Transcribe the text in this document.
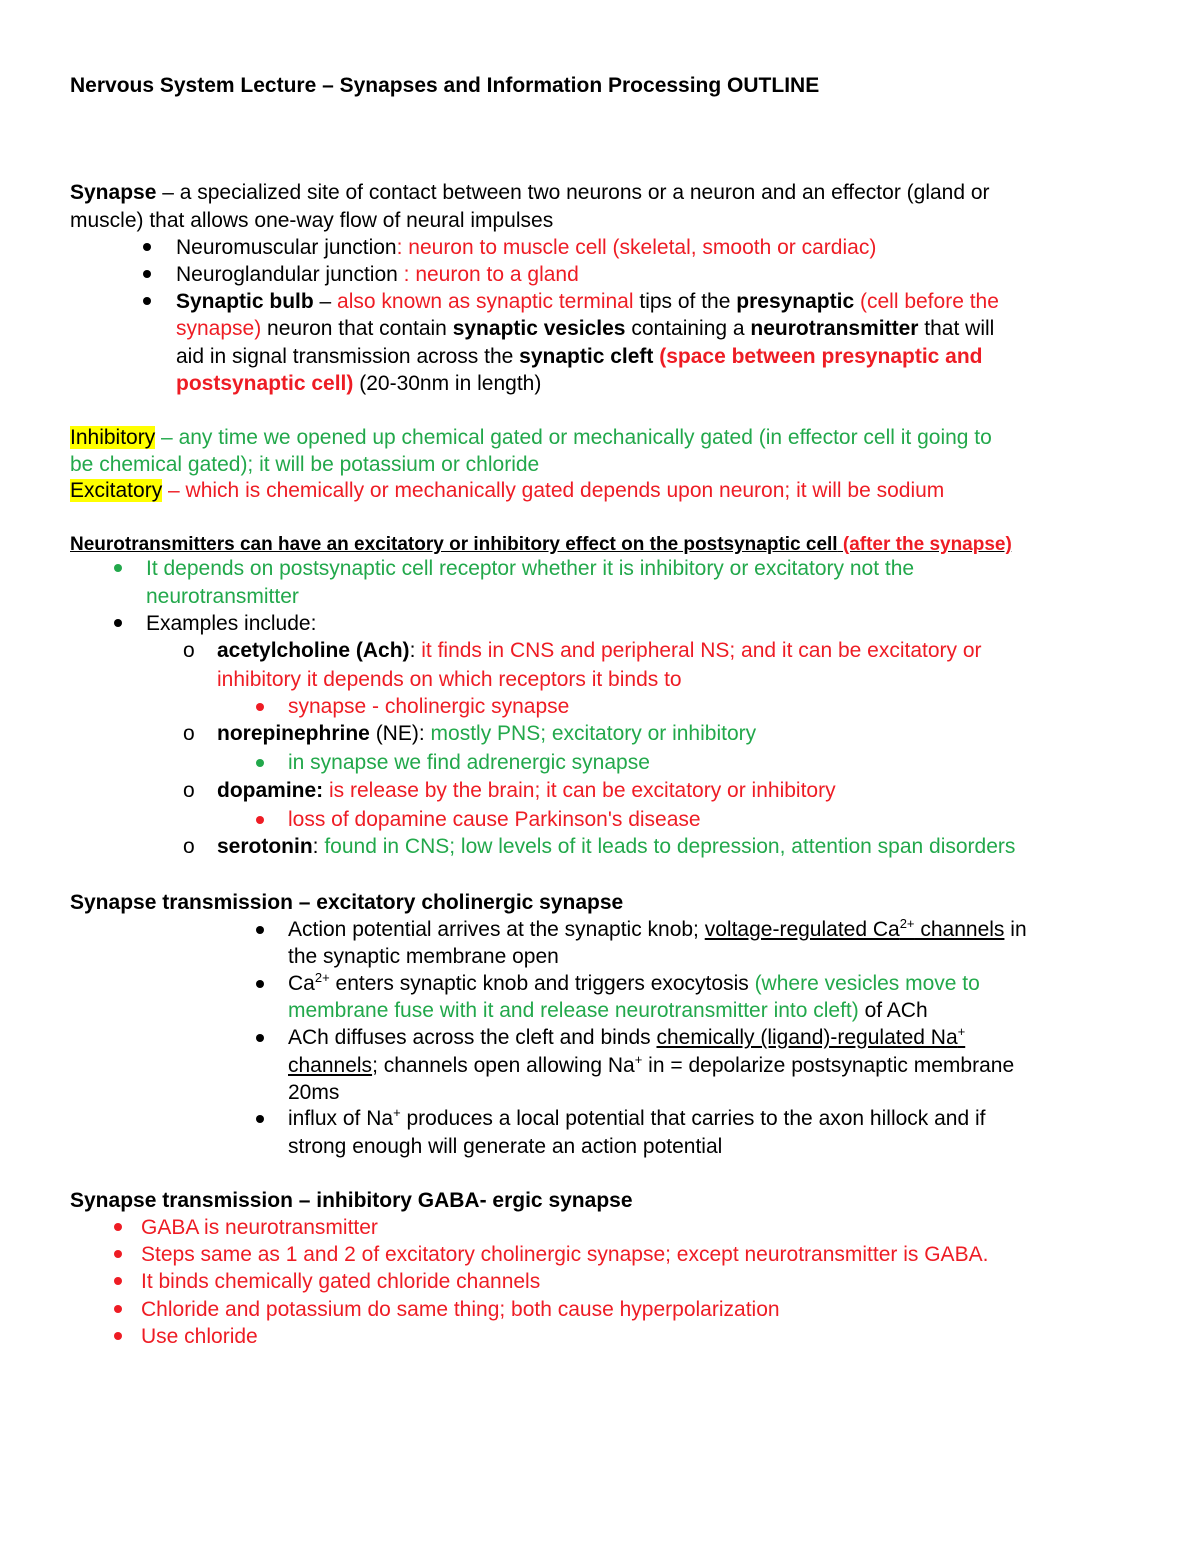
Nervous System Lecture – Synapses and Information Processing OUTLINE
Synapse – a specialized site of contact between two neurons or a neuron and an effector (gland or
muscle) that allows one-way flow of neural impulses
Neuromuscular junction: neuron to muscle cell (skeletal, smooth or cardiac)
Neuroglandular junction : neuron to a gland
Synaptic bulb – also known as synaptic terminal tips of the presynaptic (cell before the
synapse) neuron that contain synaptic vesicles containing a neurotransmitter that will
aid in signal transmission across the synaptic cleft (space between presynaptic and
postsynaptic cell) (20-30nm in length)
Inhibitory – any time we opened up chemical gated or mechanically gated (in effector cell it going to
be chemical gated); it will be potassium or chloride
Excitatory – which is chemically or mechanically gated depends upon neuron; it will be sodium
Neurotransmitters can have an excitatory or inhibitory effect on the postsynaptic cell (after the synapse)
It depends on postsynaptic cell receptor whether it is inhibitory or excitatory not the
neurotransmitter
Examples include:
o acetylcholine (Ach): it finds in CNS and peripheral NS; and it can be excitatory or
inhibitory it depends on which receptors it binds to
synapse - cholinergic synapse
o norepinephrine (NE): mostly PNS; excitatory or inhibitory
in synapse we find adrenergic synapse
o dopamine: is release by the brain; it can be excitatory or inhibitory
loss of dopamine cause Parkinson's disease
o serotonin: found in CNS; low levels of it leads to depression, attention span disorders
Synapse transmission – excitatory cholinergic synapse
Action potential arrives at the synaptic knob; voltage-regulated $Ca^{2+}$ channels in
the synaptic membrane open
$Ca^{2+}$ enters synaptic knob and triggers exocytosis (where vesicles move to
membrane fuse with it and release neurotransmitter into cleft) of ACh
ACh diffuses across the cleft and binds chemically (ligand)-regulated Na+
channels; channels open allowing Na+ in = depolarize postsynaptic membrane
20ms
influx of Na+ produces a local potential that carries to the axon hillock and if
strong enough will generate an action potential
Synapse transmission – inhibitory GABA- ergic synapse
GABA is neurotransmitter
Steps same as 1 and 2 of excitatory cholinergic synapse; except neurotransmitter is GABA.
It binds chemically gated chloride channels
Chloride and potassium do same thing; both cause hyperpolarization
Use chloride
